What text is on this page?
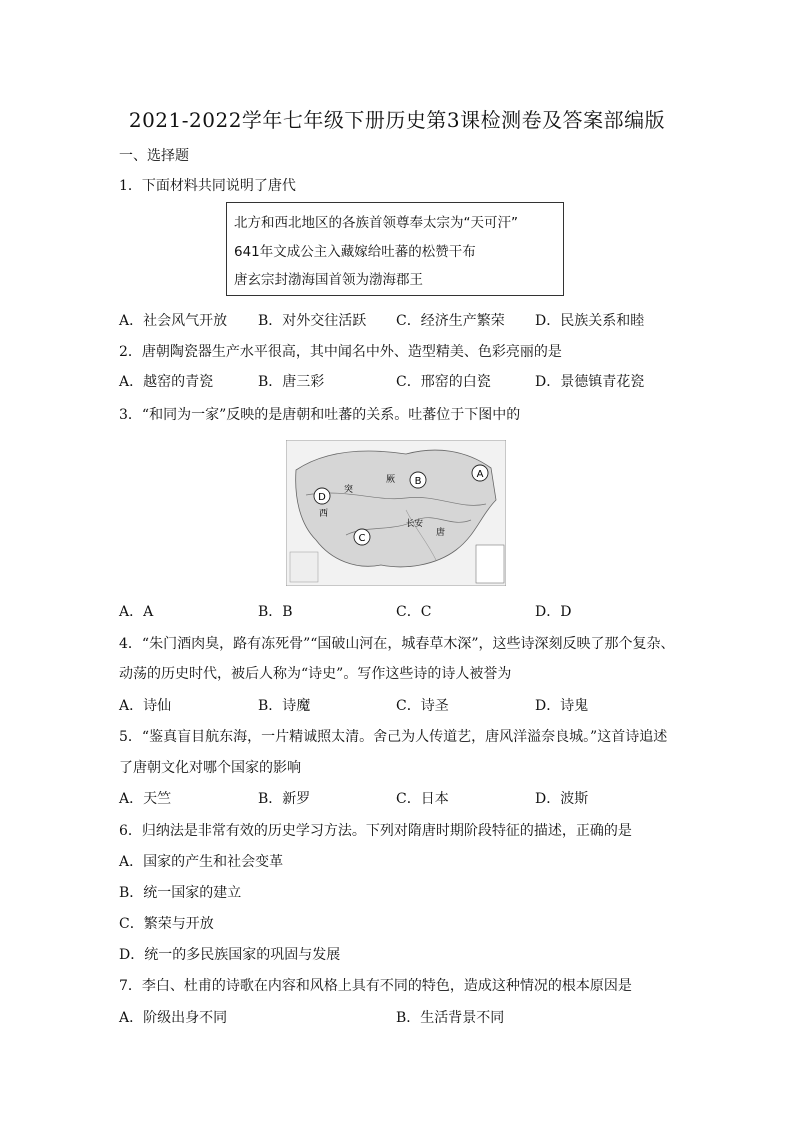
2021-2022学年七年级下册历史第3课检测卷及答案部编版
一、选择题
1．下面材料共同说明了唐代
北方和西北地区的各族首领尊奉太宗为“天可汗”
641年文成公主入藏嫁给吐蕃的松赞干布
唐玄宗封渤海国首领为渤海郡王
A．社会风气开放 B．对外交往活跃 C．经济生产繁荣 D．民族关系和睦
2．唐朝陶瓷器生产水平很高，其中闻名中外、造型精美、色彩亮丽的是
A．越窑的青瓷	B．唐三彩	C．邢窑的白瓷	D．景德镇青花瓷
3．“和同为一家”反映的是唐朝和吐蕃的关系。吐蕃位于下图中的
D
B
A
C
突
厥
西
长安
唐
A．A	B．B	C．C	D．D
4．“朱门酒肉臭，路有冻死骨”“国破山河在，城春草木深”，这些诗深刻反映了那个复杂、
动荡的历史时代，被后人称为“诗史”。写作这些诗的诗人被誉为
A．诗仙	B．诗魔	C．诗圣	D．诗鬼
5．“鉴真盲目航东海，一片精诚照太清。舍己为人传道艺，唐风洋溢奈良城。”这首诗追述
了唐朝文化对哪个国家的影响
A．天竺	B．新罗	C．日本	D．波斯
6．归纳法是非常有效的历史学习方法。下列对隋唐时期阶段特征的描述，正确的是
A．国家的产生和社会变革
B．统一国家的建立
C．繁荣与开放
D．统一的多民族国家的巩固与发展
7．李白、杜甫的诗歌在内容和风格上具有不同的特色，造成这种情况的根本原因是
A．阶级出身不同	B．生活背景不同
